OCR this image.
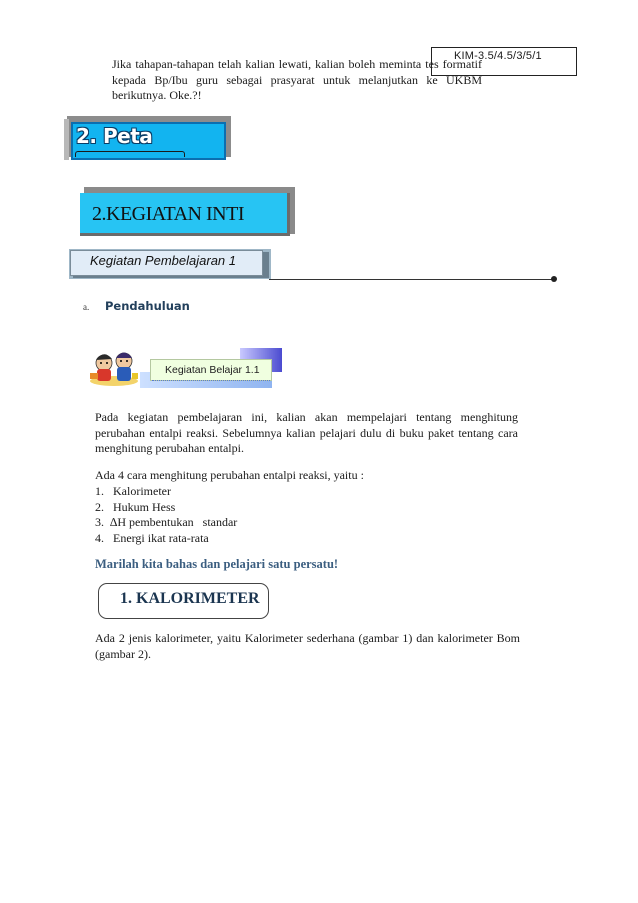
KIM-3.5/4.5/3/5/1

Jika tahapan-tahapan telah kalian lewati, kalian boleh meminta tes formatif kepada Bp/Ibu guru sebagai prasyarat untuk melanjutkan ke UKBM berikutnya. Oke.?!

2. Peta
2.KEGIATAN INTI
Kegiatan Pembelajaran 1
a. Pendahuluan
Kegiatan Belajar 1.1

Pada kegiatan pembelajaran ini, kalian akan mempelajari tentang menghitung perubahan entalpi reaksi. Sebelumnya kalian pelajari dulu di buku paket tentang cara menghitung perubahan entalpi.

Ada 4 cara menghitung perubahan entalpi reaksi, yaitu :

1.   Kalorimeter
2.   Hukum Hess
3.  ∆H pembentukan   standar
4.   Energi ikat rata-rata

Marilah kita bahas dan pelajari satu persatu!

1. KALORIMETER

Ada 2 jenis kalorimeter, yaitu Kalorimeter sederhana (gambar 1) dan kalorimeter Bom (gambar 2).
